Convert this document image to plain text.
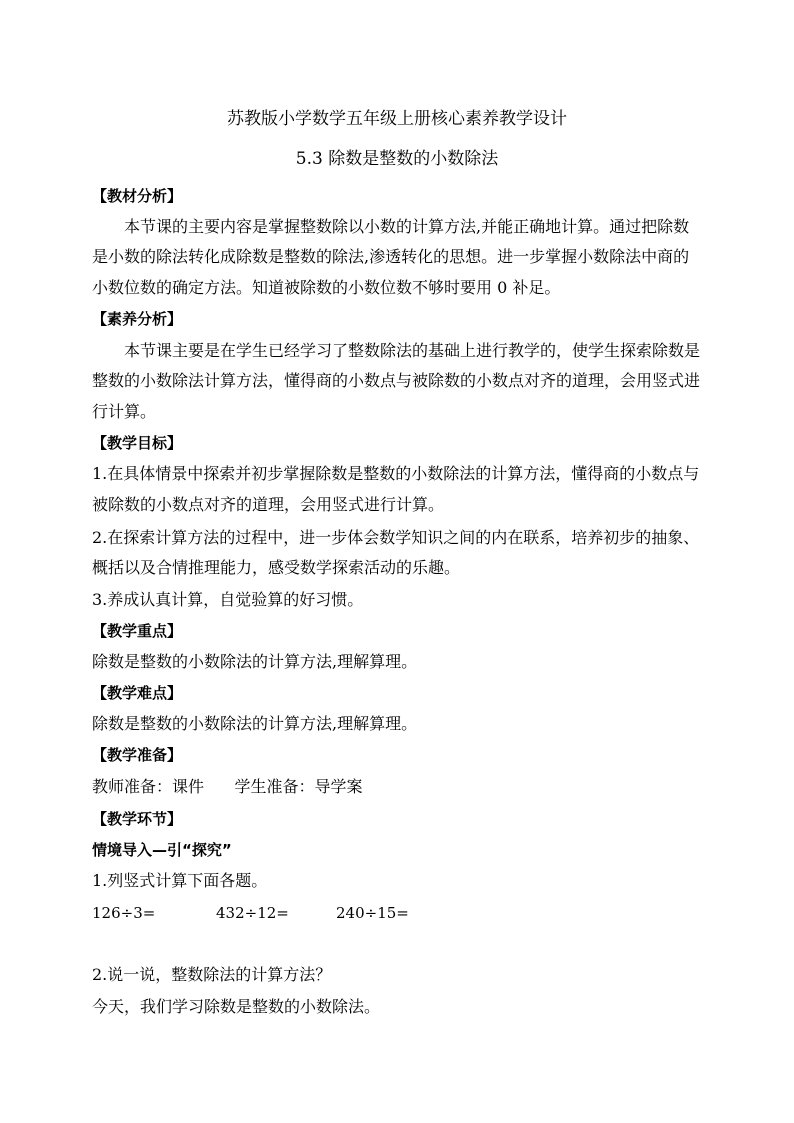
苏教版小学数学五年级上册核心素养教学设计
5.3 除数是整数的小数除法
【教材分析】
本节课的主要内容是掌握整数除以小数的计算方法,并能正确地计算。通过把除数
是小数的除法转化成除数是整数的除法,渗透转化的思想。进一步掌握小数除法中商的
小数位数的确定方法。知道被除数的小数位数不够时要用 0 补足。
【素养分析】
本节课主要是在学生已经学习了整数除法的基础上进行教学的，使学生探索除数是
整数的小数除法计算方法，懂得商的小数点与被除数的小数点对齐的道理，会用竖式进
行计算。
【教学目标】
1.在具体情景中探索并初步掌握除数是整数的小数除法的计算方法，懂得商的小数点与
被除数的小数点对齐的道理，会用竖式进行计算。
2.在探索计算方法的过程中，进一步体会数学知识之间的内在联系，培养初步的抽象、
概括以及合情推理能力，感受数学探索活动的乐趣。
3.养成认真计算，自觉验算的好习惯。
【教学重点】
除数是整数的小数除法的计算方法,理解算理。
【教学难点】
除数是整数的小数除法的计算方法,理解算理。
【教学准备】
教师准备：课件      学生准备：导学案
【教学环节】
情境导入—引“探究”
1.列竖式计算下面各题。
126÷3=	432÷12=	240÷15=
2.说一说，整数除法的计算方法？
今天，我们学习除数是整数的小数除法。
